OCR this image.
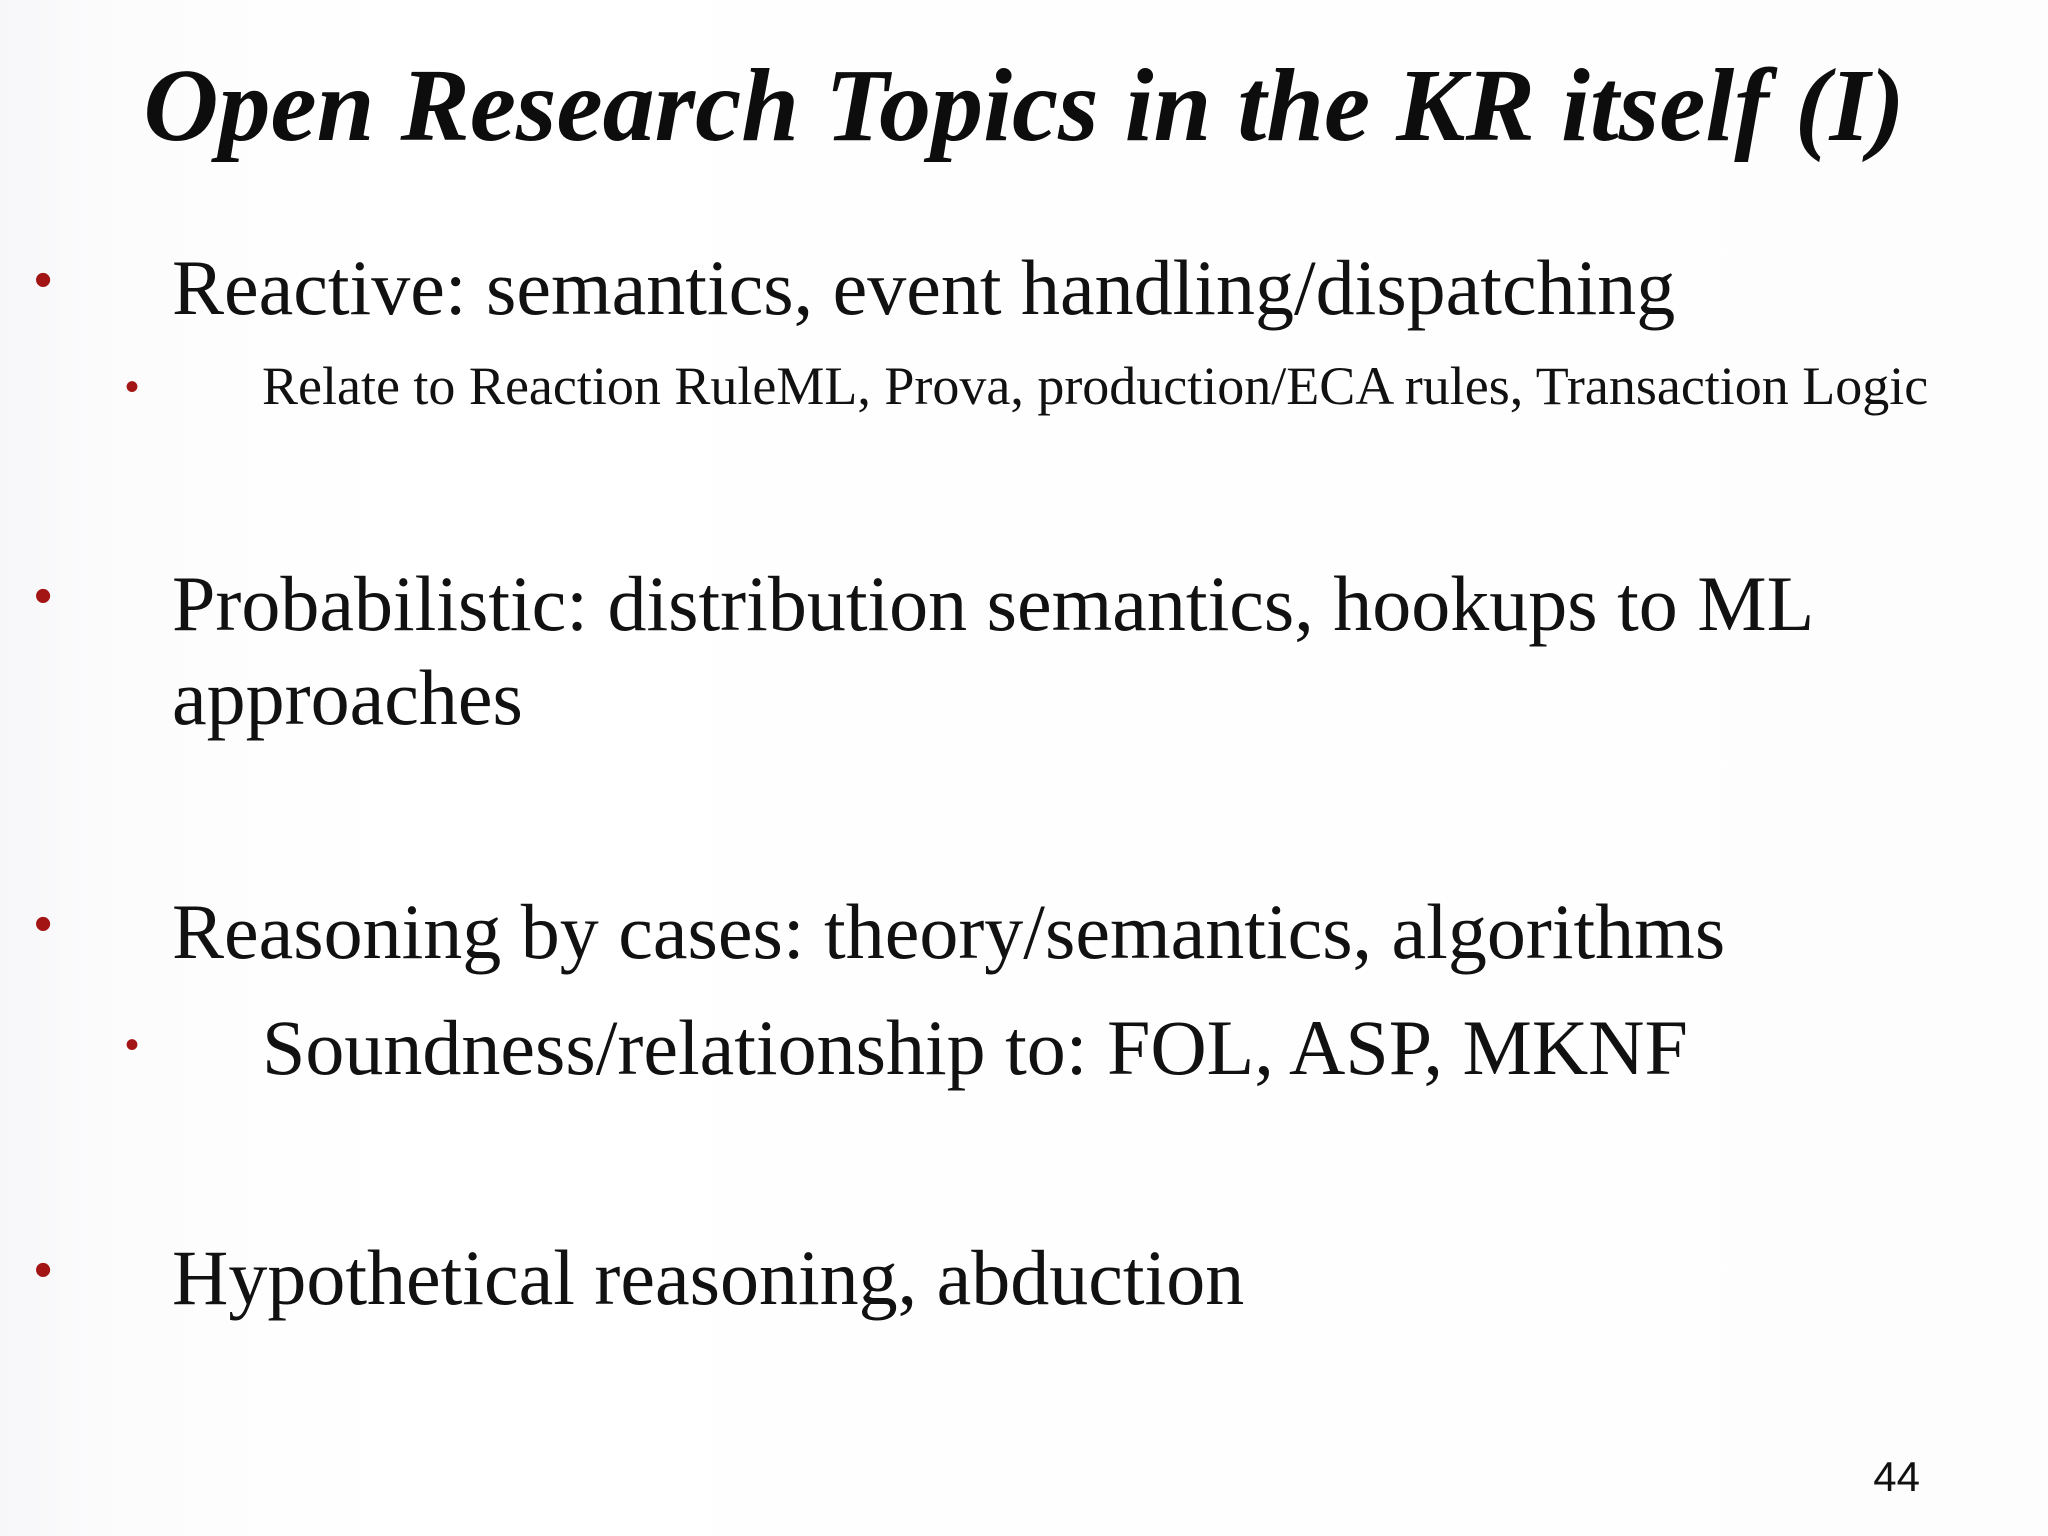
Open Research Topics in the KR itself (I)
• Reactive: semantics, event handling/dispatching
• Relate to Reaction RuleML, Prova, production/ECA rules, Transaction Logic
• Probabilistic: distribution semantics, hookups to ML
approaches
• Reasoning by cases: theory/semantics, algorithms
• Soundness/relationship to: FOL, ASP, MKNF
• Hypothetical reasoning, abduction
44
